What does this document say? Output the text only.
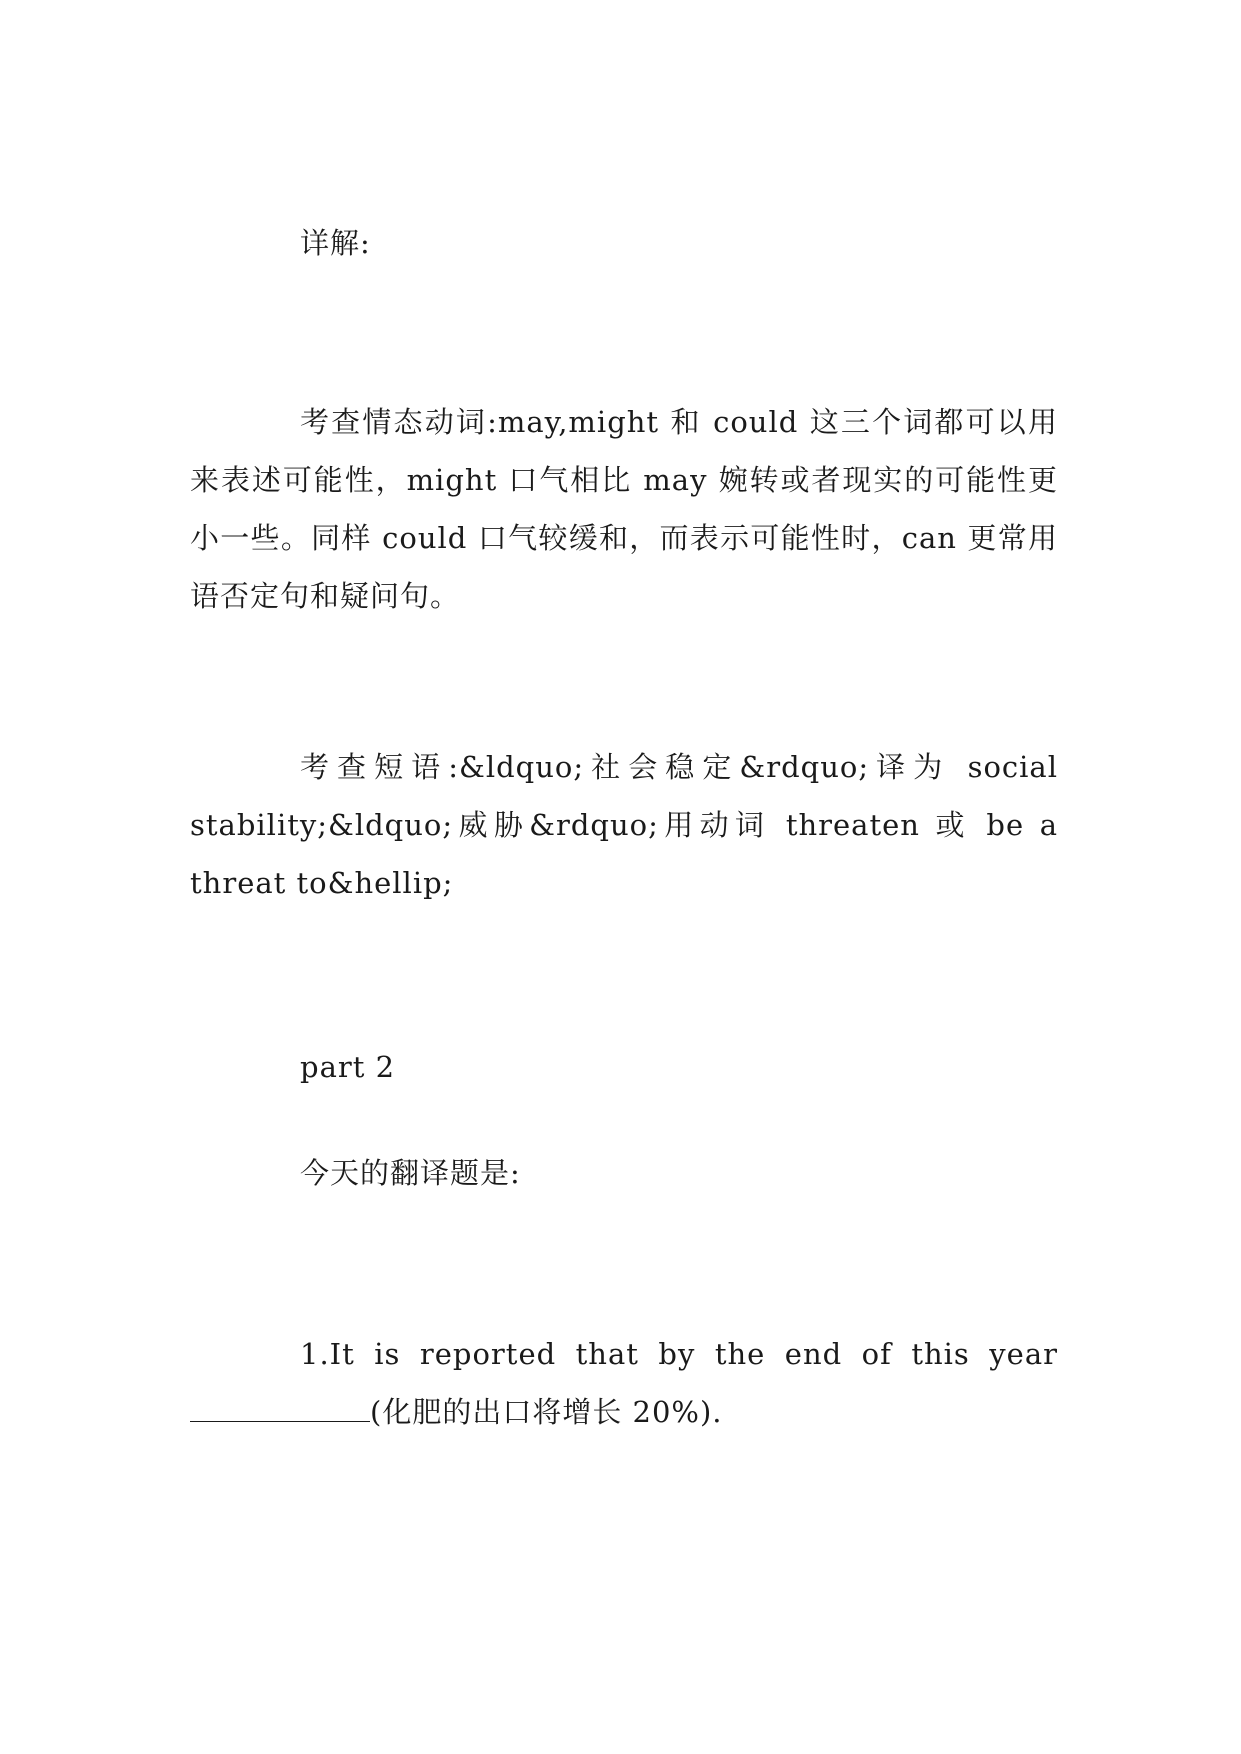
详解:

考查情态动词:may,might 和 could 这三个词都可以用来表述可能性，might 口气相比 may 婉转或者现实的可能性更小一些。同样 could 口气较缓和，而表示可能性时，can 更常用语否定句和疑问句。

考查短语:&ldquo;社会稳定&rdquo;译为 social stability;&ldquo;威胁&rdquo;用动词 threaten 或 be a threat to&hellip;

part 2

今天的翻译题是:

1.It is reported that by the end of this year (化肥的出口将增长 20%).
